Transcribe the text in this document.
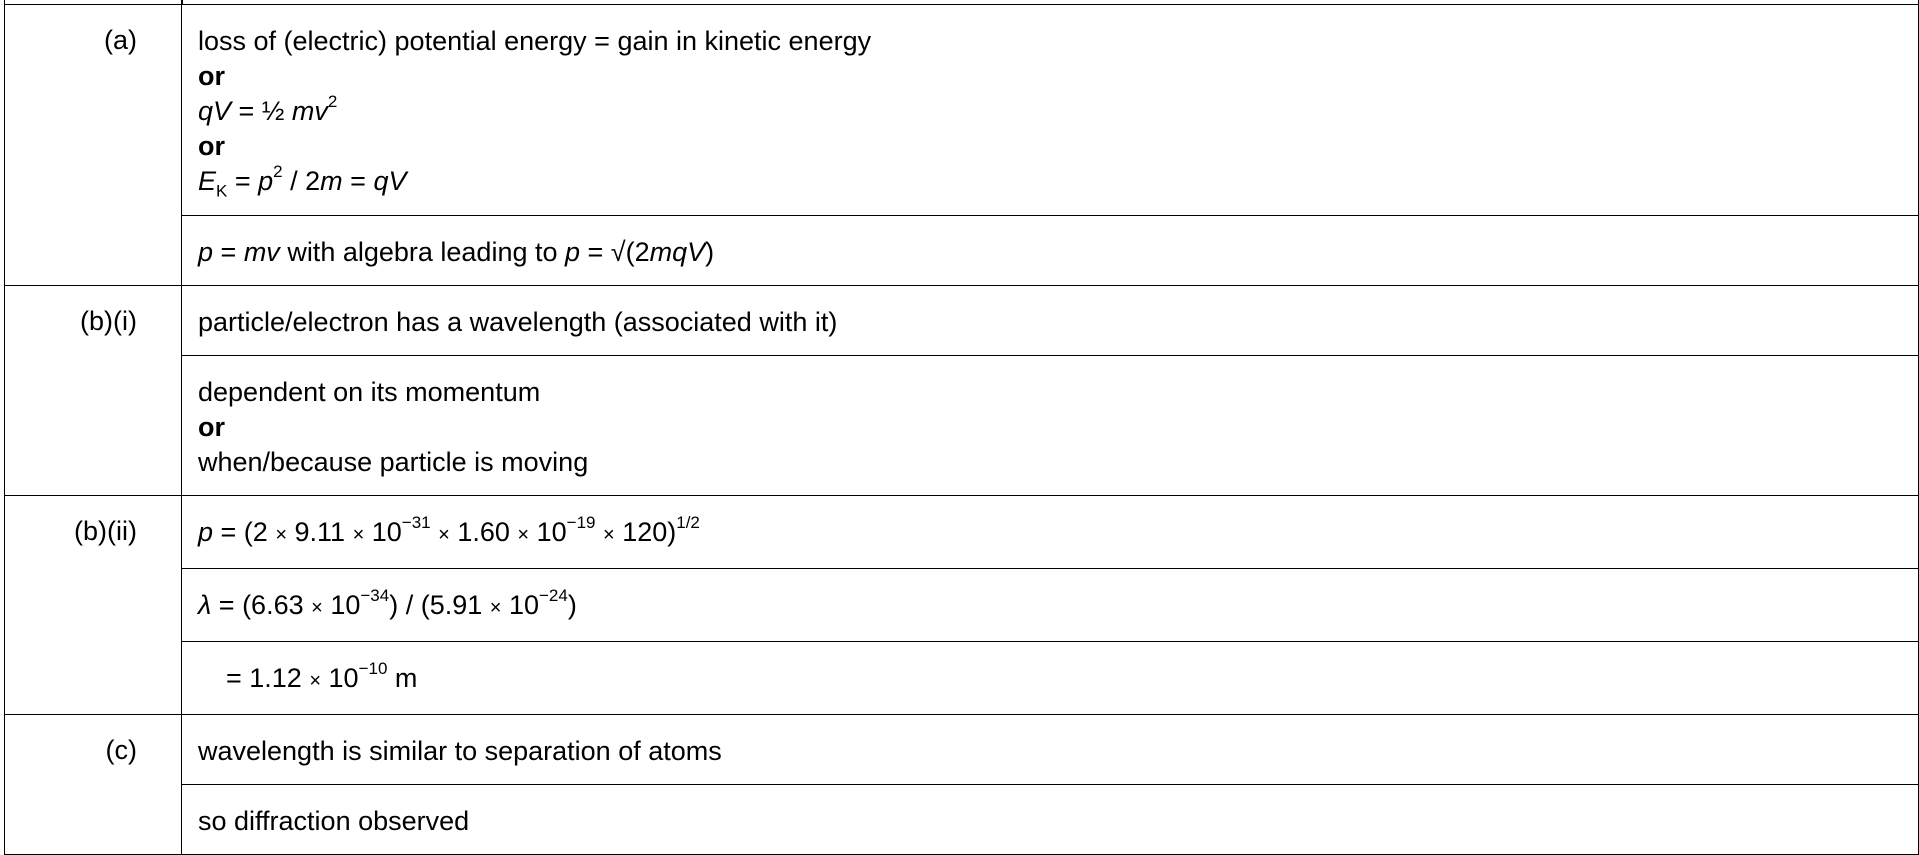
(a)	loss of (electric) potential energy = gain in kinetic energy
or
qV = ½ $mv^2$
or
$E_K = p^2 / 2m$ = qV

	p = mv with algebra leading to p = √(2mqV)

(b)(i)	particle/electron has a wavelength (associated with it)

	dependent on its momentum
or
when/because particle is moving

(b)(ii)	$p = (2 \times 9.11 \times 10^{-31} \times 1.60 \times 10^{-19} \times 120)^{1/2}$

	$\lambda = (6.63 \times 10^{-34}) / (5.91 \times 10^{-24})$

	= $1.12 \times 10^{-10}$ m

(c)	wavelength is similar to separation of atoms

	so diffraction observed
